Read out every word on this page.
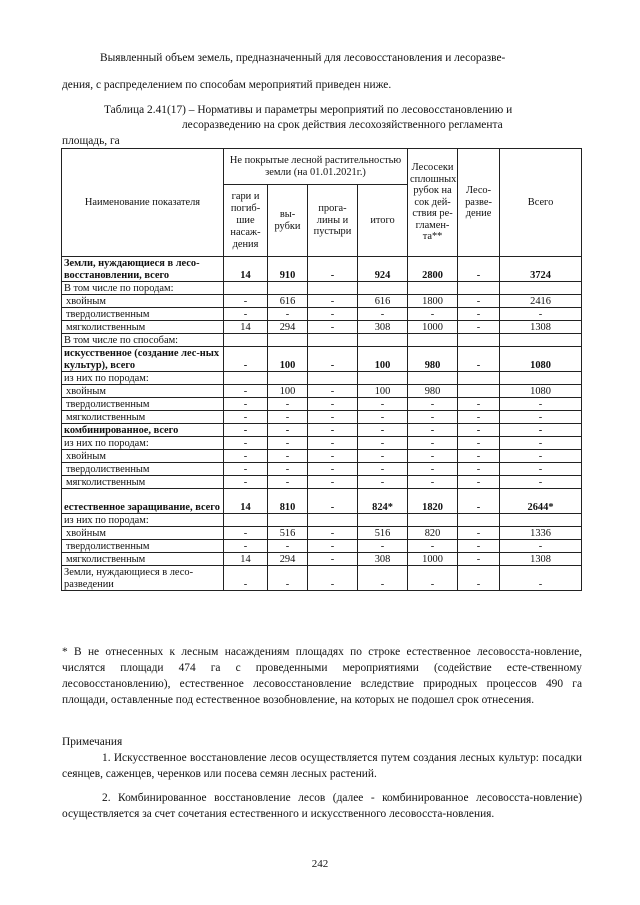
Выявленный объем земель, предназначенный для лесовосстановления и лесоразве-
дения, с распределением по способам мероприятий приведен ниже.
Таблица 2.41(17) – Нормативы и параметры мероприятий по лесовосстановлению и
лесоразведению на срок действия лесохозяйственного регламента
площадь, га
Наименование показателя	Не покрытые лесной растительностью земли (на 01.01.2021г.)				Лесосеки сплошных рубок на сок дей-ствия ре-гламен-та**	Лесо-разве-дение	Всего
	гари и погиб-шие насаж-дения	вы-рубки	прога-лины и пустыри	итого			
Земли, нуждающиеся в лесо-восстановлении, всего	14	910	-	924	2800	-	3724
В том числе по породам:							
хвойным	-	616	-	616	1800	-	2416
твердолиственным	-	-	-	-	-	-	-
мягколиственным	14	294	-	308	1000	-	1308
В том числе по способам:							
искусственное (создание лес-ных культур), всего	-	100	-	100	980	-	1080
из них по породам:							
хвойным	-	100	-	100	980		1080
твердолиственным	-	-	-	-	-	-	-
мягколиственным	-	-	-	-	-	-	-
комбинированное, всего	-	-	-	-	-	-	-
из них по породам:	-	-	-	-	-	-	-
хвойным	-	-	-	-	-	-	-
твердолиственным	-	-	-	-	-	-	-
мягколиственным	-	-	-	-	-	-	-
естественное заращивание, всего	14	810	-	824*	1820	-	2644*
из них по породам:							
хвойным	-	516	-	516	820	-	1336
твердолиственным	-	-	-	-	-	-	-
мягколиственным	14	294	-	308	1000	-	1308
Земли, нуждающиеся в лесо-разведении	-	-	-	-	-	-	-
* В не отнесенных к лесным насаждениям площадях по строке естественное лесовосста-новление, числятся площади 474 га с проведенными мероприятиями (содействие есте-ственному лесовосстановлению), естественное лесовосстановление вследствие природных процессов 490 га площади, оставленные под естественное возобновление, на которых не подошел срок отнесения.
Примечания
1. Искусственное восстановление лесов осуществляется путем создания лесных культур: посадки сеянцев, саженцев, черенков или посева семян лесных растений.
2. Комбинированное восстановление лесов (далее - комбинированное лесовосста-новление) осуществляется за счет сочетания естественного и искусственного лесовосста-новления.
242
